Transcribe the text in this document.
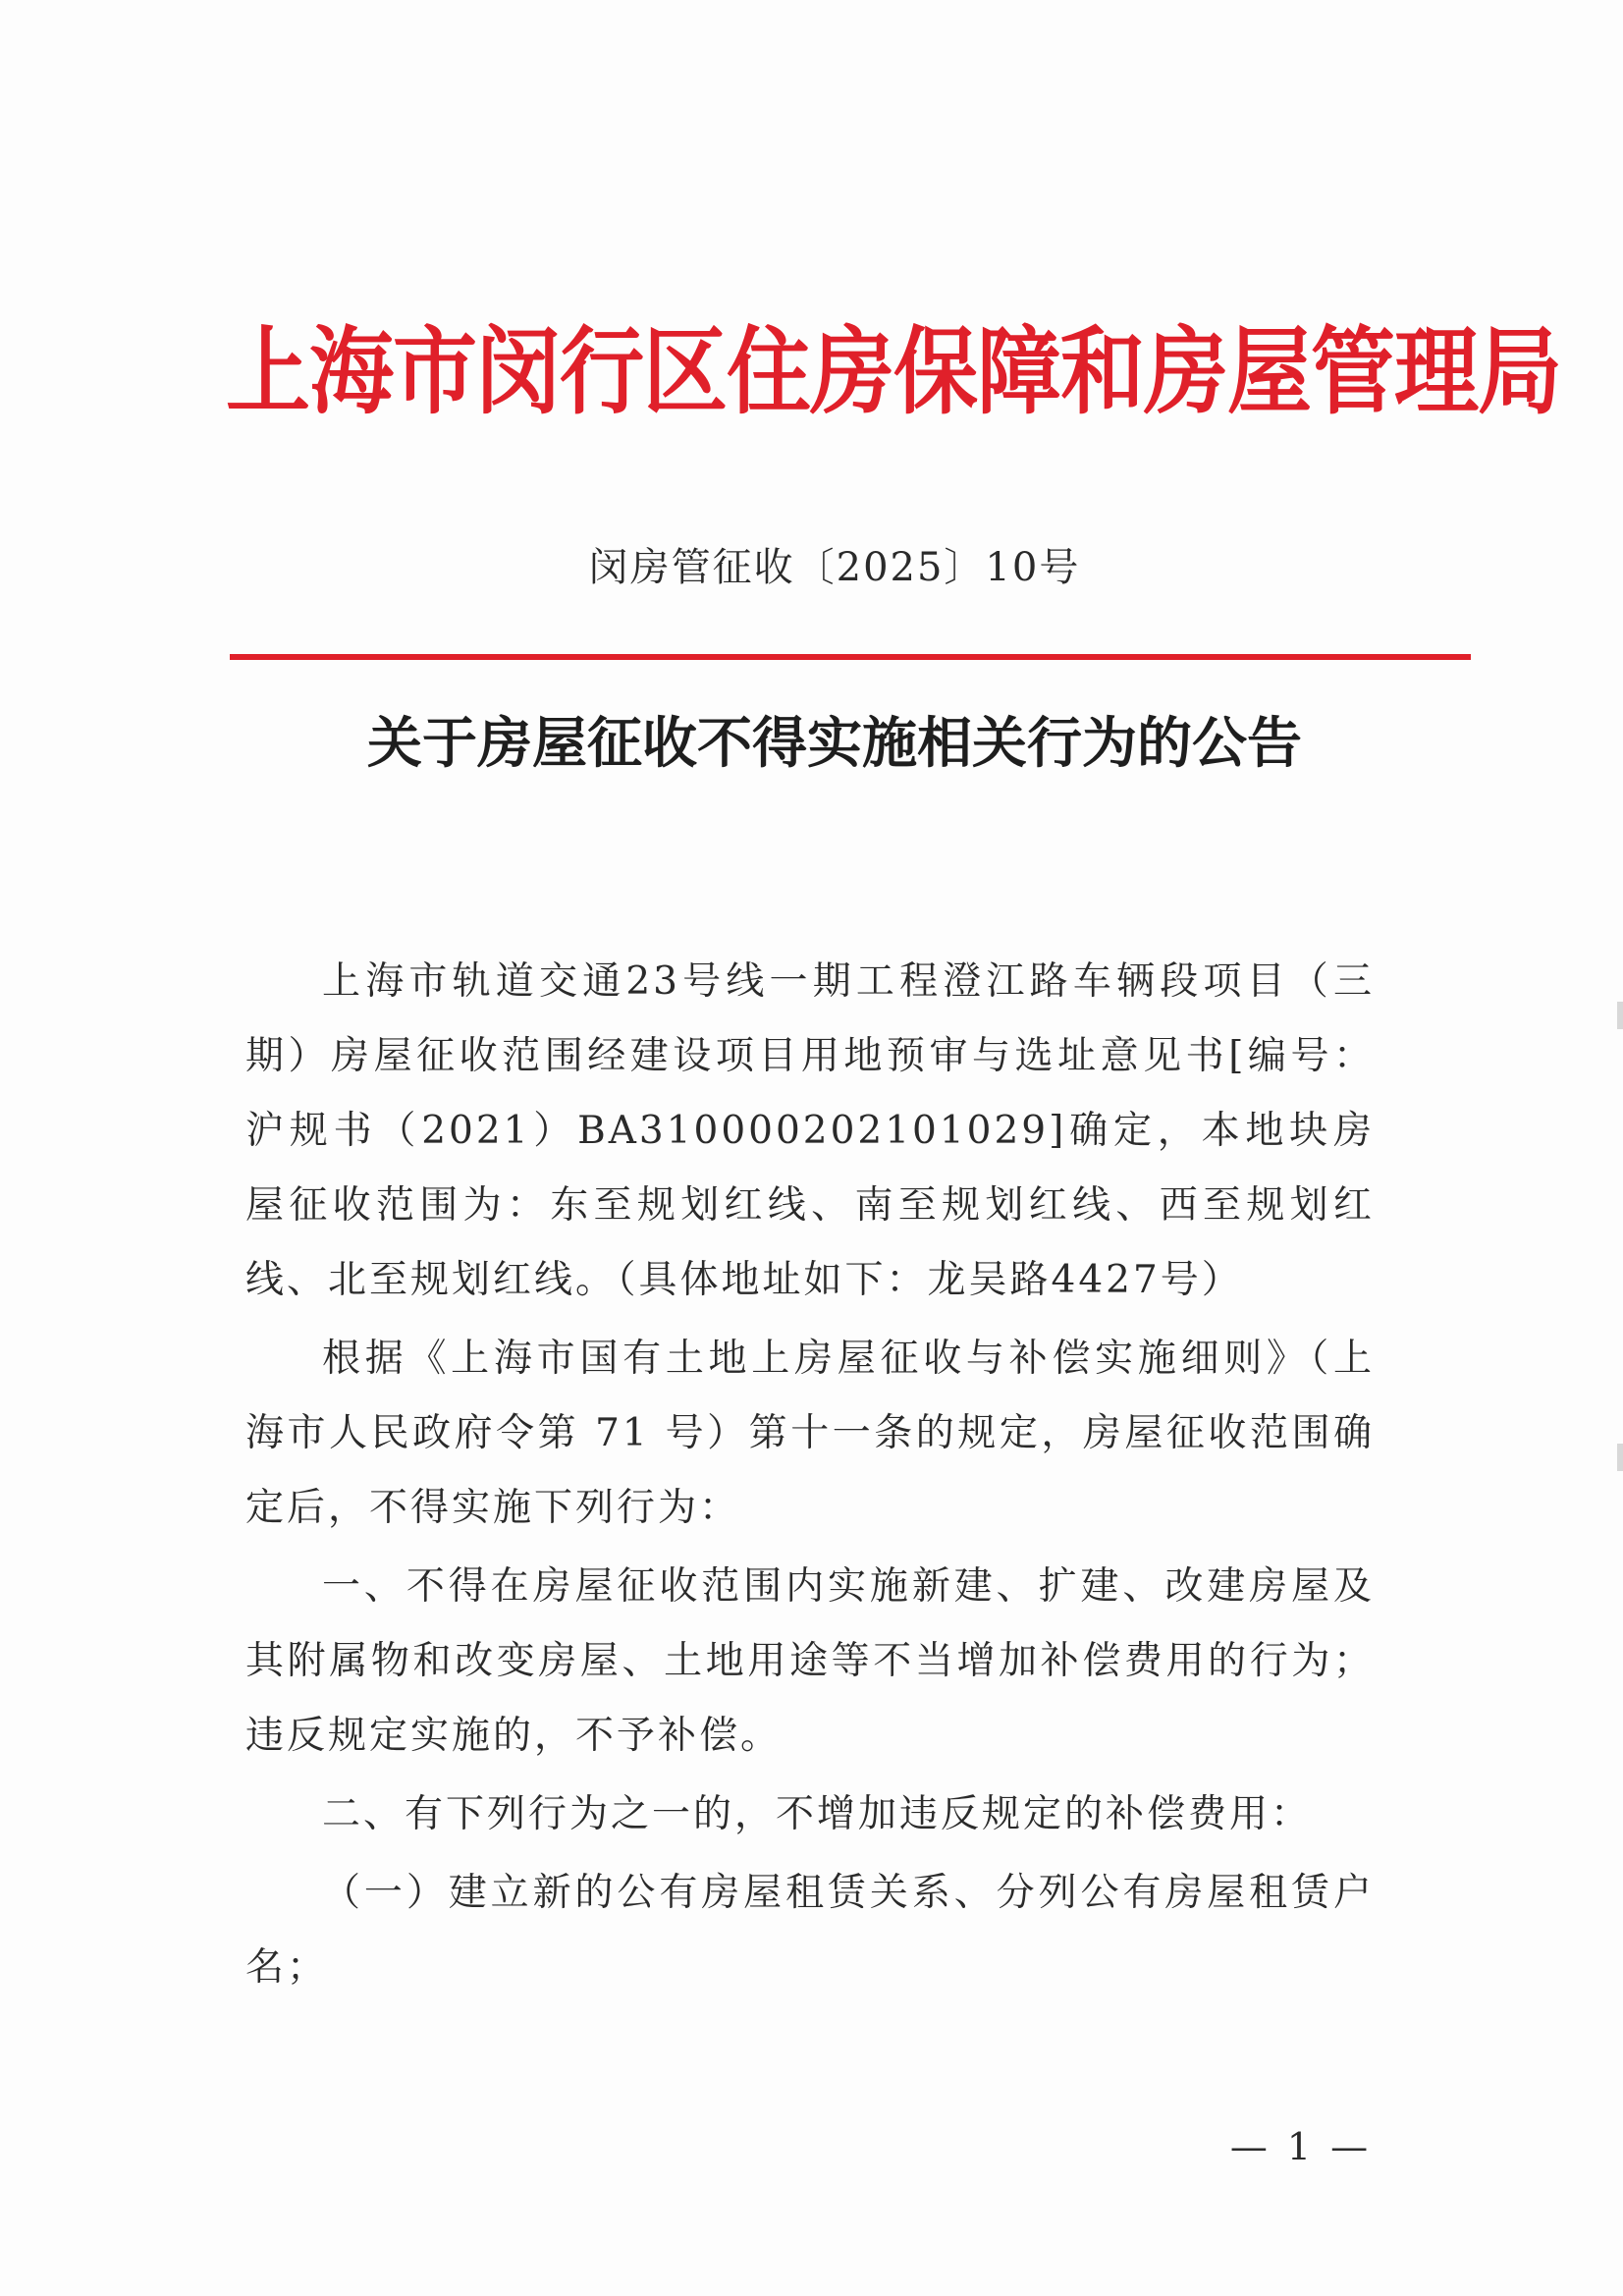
上海市闵行区住房保障和房屋管理局
闵房管征收〔2025〕10号
关于房屋征收不得实施相关行为的公告

上海市轨道交通23号线一期工程澄江路车辆段项目（三期）房屋征收范围经建设项目用地预审与选址意见书[编号：沪规书（2021）BA310000202101029]确定，本地块房屋征收范围为：东至规划红线、南至规划红线、西至规划红线、北至规划红线。（具体地址如下：龙吴路4427号）

根据《上海市国有土地上房屋征收与补偿实施细则》（上海市人民政府令第 71 号）第十一条的规定，房屋征收范围确定后，不得实施下列行为：

一、不得在房屋征收范围内实施新建、扩建、改建房屋及其附属物和改变房屋、土地用途等不当增加补偿费用的行为；违反规定实施的，不予补偿。

二、有下列行为之一的，不增加违反规定的补偿费用：

（一）建立新的公有房屋租赁关系、分列公有房屋租赁户名；

— 1 —
